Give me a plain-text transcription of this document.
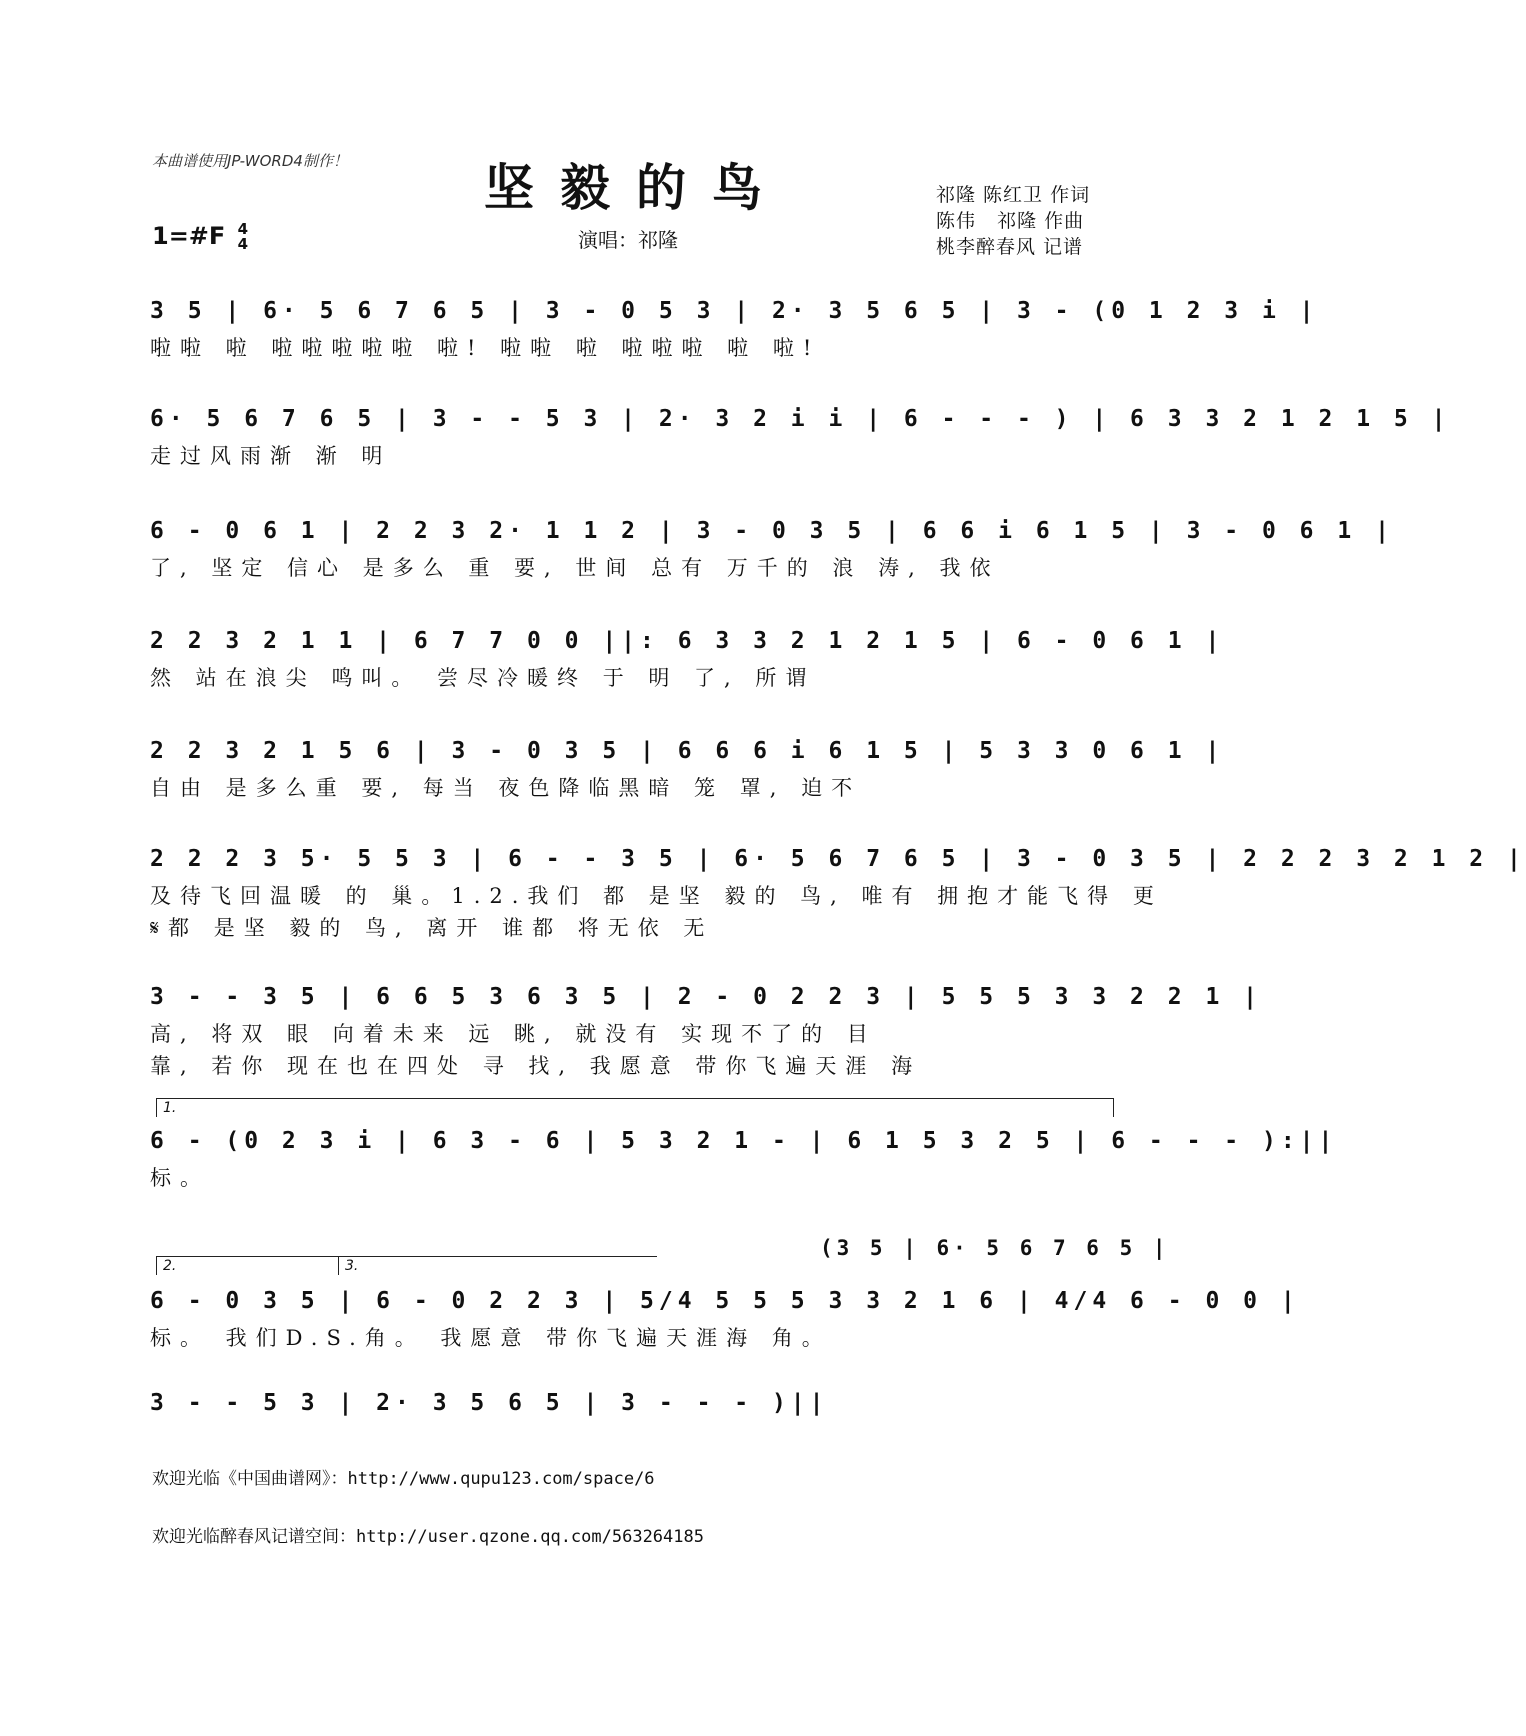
本曲谱使用JP-WORD4制作！	坚毅的鸟
1=#F 4
4	演唱：祁隆
祁隆 陈红卫 作词
陈伟   祁隆 作曲
桃李醉春风 记谱
3 5 | 6· 5 6 7 6 5 | 3 - 0 5 3 | 2· 3 5 6 5 | 3 - (0 1 2 3 i |
啦啦 啦 啦啦啦啦啦 啦! 啦啦 啦 啦啦啦 啦 啦!
6· 5 6 7 6 5 | 3 - - 5 3 | 2· 3 2 i i | 6 - - - ) | 6 3 3 2 1 2 1 5 |
走过风雨渐 渐 明
6 - 0 6 1 | 2 2 3 2· 1 1 2 | 3 - 0 3 5 | 6 6 i 6 1 5 | 3 - 0 6 1 |
了, 坚定 信心 是多么 重 要, 世间 总有 万千的 浪 涛, 我依
2 2 3 2 1 1 | 6 7 7 0 0 ||: 6 3 3 2 1 2 1 5 | 6 - 0 6 1 |
然 站在浪尖 鸣叫。 尝尽冷暖终 于 明 了, 所谓
2 2 3 2 1 5 6 | 3 - 0 3 5 | 6 6 6 i 6 1 5 | 5 3 3 0 6 1 |
自由 是多么重 要, 每当 夜色降临黑暗 笼 罩, 迫不
2 2 2 3 5· 5 5 3 | 6 - - 3 5 | 6· 5 6 7 6 5 | 3 - 0 3 5 | 2 2 2 3 2 1 2 |
及待飞回温暖 的 巢。1.2.我们 都 是坚 毅的 鸟, 唯有 拥抱才能飞得 更
𝄋都 是坚 毅的 鸟, 离开 谁都 将无依 无
3 - - 3 5 | 6 6 5 3 6 3 5 | 2 - 0 2 2 3 | 5 5 5 3 3 2 2 1 |
高, 将双 眼 向着未来 远 眺, 就没有 实现不了的 目
靠, 若你 现在也在四处 寻 找, 我愿意 带你飞遍天涯 海
1.
6 - (0 2 3 i | 6 3 - 6 | 5 3 2 1 - | 6 1 5 3 2 5 | 6 - - - ):||
标。
(3 5 | 6· 5 6 7 6 5 |
2.	3.
6 - 0 3 5 | 6 - 0 2 2 3 | 5/4 5 5 5 3 3 2 1 6 | 4/4 6 - 0 0 |
标。 我们D.S.角。 我愿意 带你飞遍天涯海 角。
3 - - 5 3 | 2· 3 5 6 5 | 3 - - - )||
欢迎光临《中国曲谱网》：http://www.qupu123.com/space/6
欢迎光临醉春风记谱空间：http://user.qzone.qq.com/563264185
